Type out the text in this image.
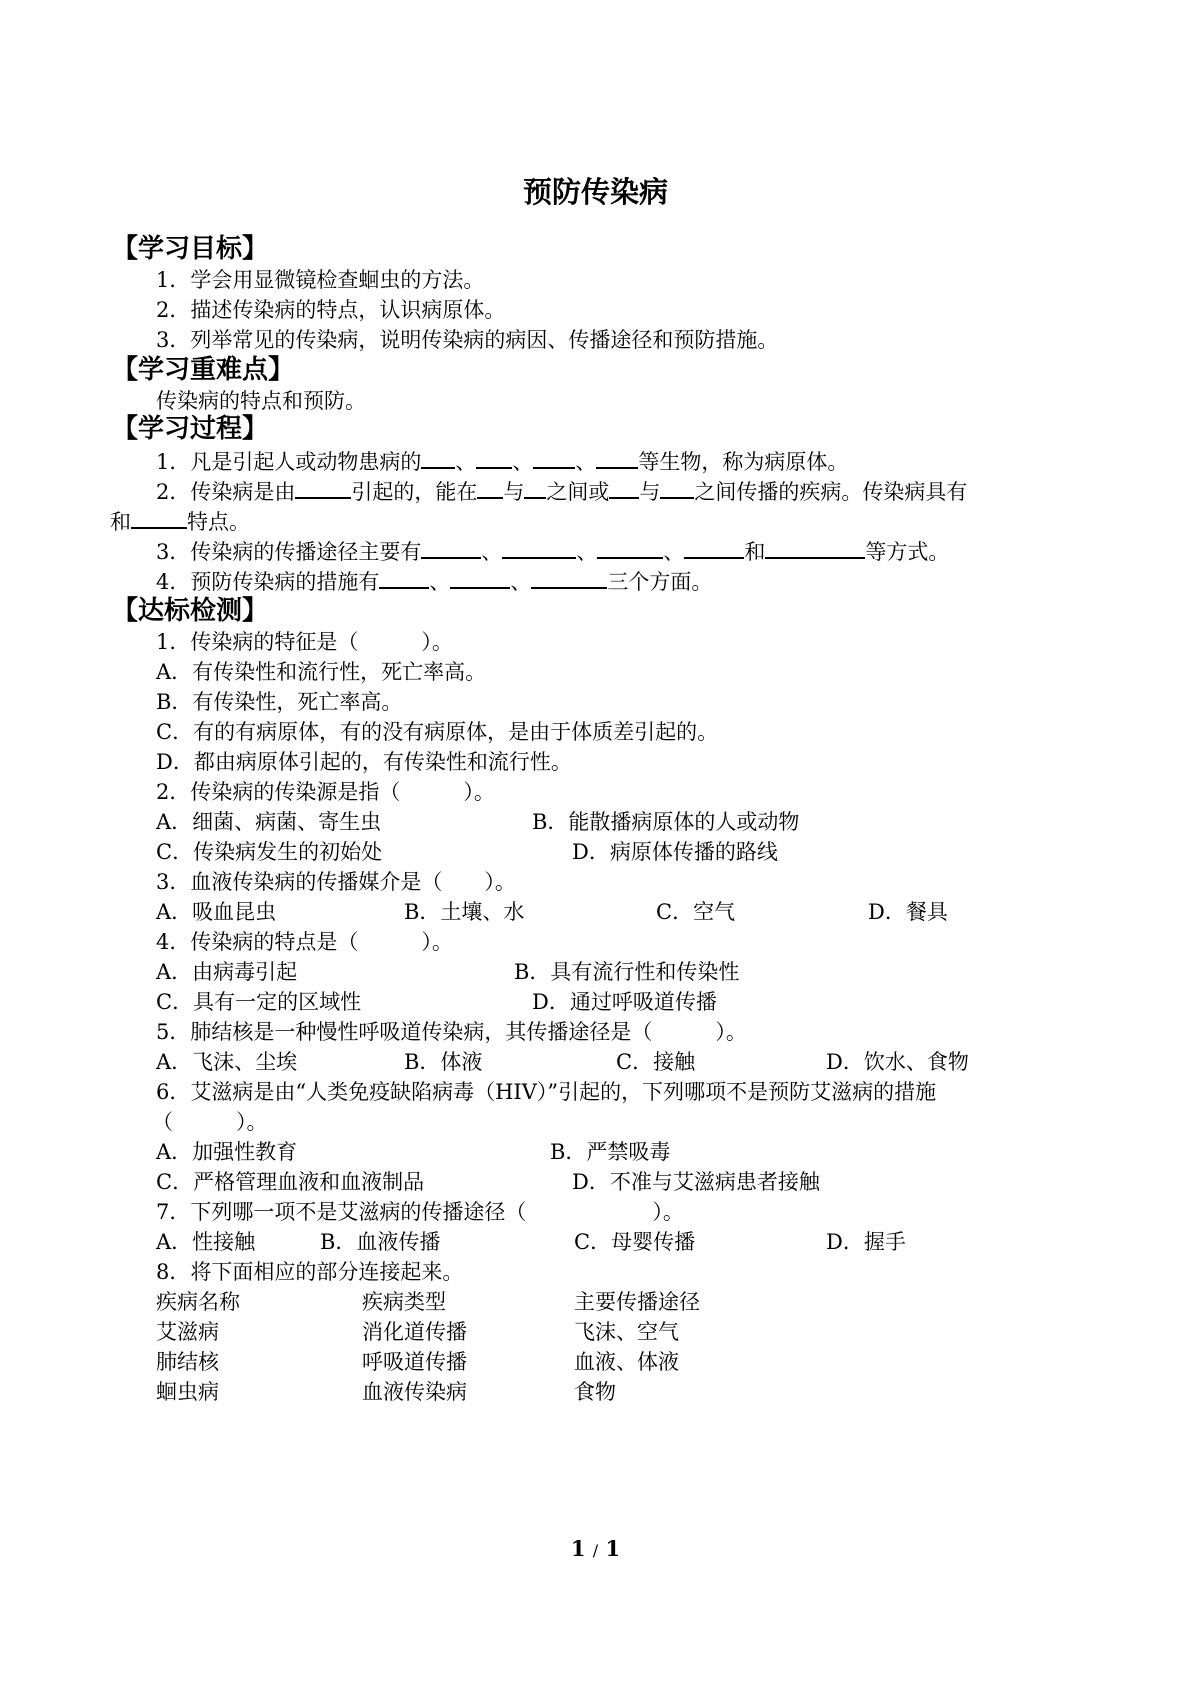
预防传染病
【学习目标】
1．学会用显微镜检查蛔虫的方法。
2．描述传染病的特点，认识病原体。
3．列举常见的传染病，说明传染病的病因、传播途径和预防措施。
【学习重难点】
传染病的特点和预防。
【学习过程】
1．凡是引起人或动物患病的 、 、 、 等生物，称为病原体。
2．传染病是由	引起的，能在 与 之间或 与 之间传播的疾病。传染病具有
和	特点。
3．传染病的传播途径主要有	、	、	、	和	等方式。
4．预防传染病的措施有 、	、	三个方面。
【达标检测】
1．传染病的特征是（　　　）。
A．有传染性和流行性，死亡率高。
B．有传染性，死亡率高。
C．有的有病原体，有的没有病原体，是由于体质差引起的。
D．都由病原体引起的，有传染性和流行性。
2．传染病的传染源是指（　　　）。
A．细菌、病菌、寄生虫	B．能散播病原体的人或动物
C．传染病发生的初始处	D．病原体传播的路线
3．血液传染病的传播媒介是（　　）。
A．吸血昆虫	B．土壤、水	C．空气	D．餐具
4．传染病的特点是（　　　）。
A．由病毒引起	B．具有流行性和传染性
C．具有一定的区域性	D．通过呼吸道传播
5．肺结核是一种慢性呼吸道传染病，其传播途径是（　　　）。
A．飞沫、尘埃	B．体液	C．接触	D．饮水、食物
6．艾滋病是由“人类免疫缺陷病毒（HIV）”引起的，下列哪项不是预防艾滋病的措施
（　　　）。
A．加强性教育	B．严禁吸毒
C．严格管理血液和血液制品	D．不准与艾滋病患者接触
7．下列哪一项不是艾滋病的传播途径（　　　　　　）。
A．性接触	B．血液传播	C．母婴传播	D．握手
8．将下面相应的部分连接起来。
疾病名称	疾病类型	主要传播途径
艾滋病	消化道传播	飞沫、空气
肺结核	呼吸道传播	血液、体液
蛔虫病	血液传染病	食物
1 / 1
